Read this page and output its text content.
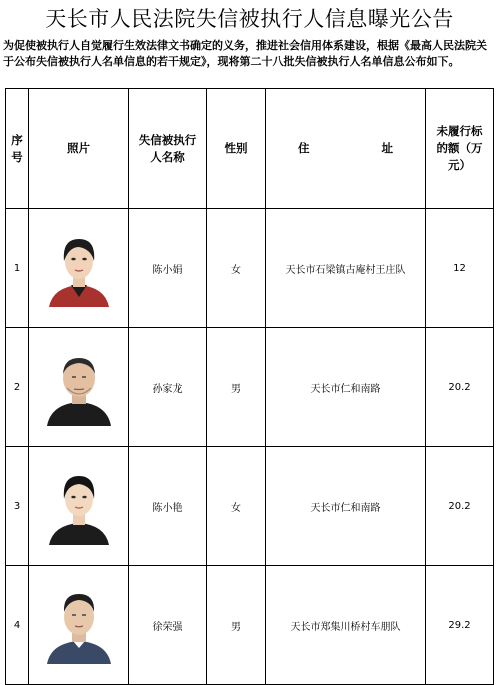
天长市人民法院失信被执行人信息曝光公告
为促使被执行人自觉履行生效法律文书确定的义务，推进社会信用体系建设，根据《最高人民法院关于公布失信被执行人名单信息的若干规定》，现将第二十八批失信被执行人名单信息公布如下。
序号	照片	失信被执行人名称	性别	住 址	未履行标的额（万元）
1		陈小娟	女	天长市石梁镇古庵村王庄队	12
2		孙家龙	男	天长市仁和南路	20.2
3		陈小艳	女	天长市仁和南路	20.2
4		徐荣强	男	天长市郑集川桥村车朋队	29.2
